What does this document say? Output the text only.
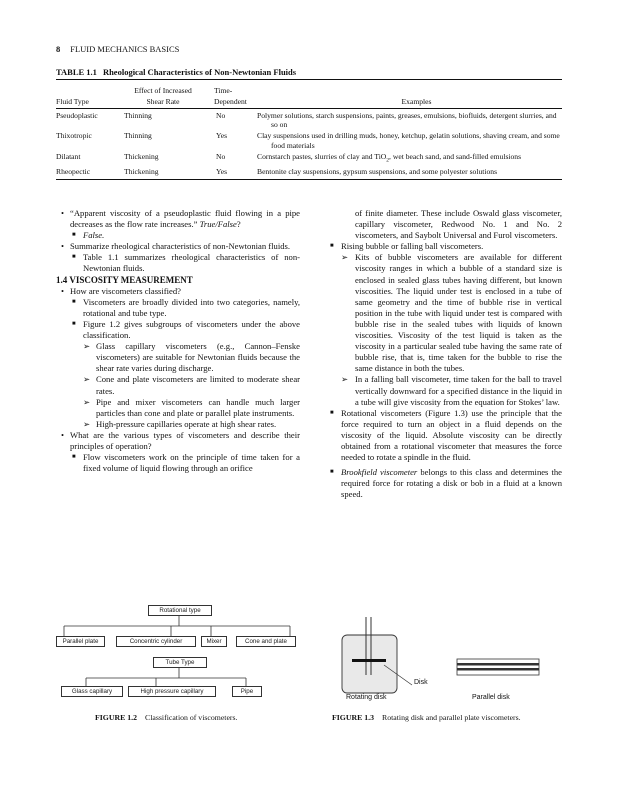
8 FLUID MECHANICS BASICS
TABLE 1.1 Rheological Characteristics of Non-Newtonian Fluids
	Effect of Increased	Time-	
Fluid Type	Shear Rate	Dependent	Examples
Pseudoplastic	Thinning	No	Polymer solutions, starch suspensions, paints, greases, emulsions, biofluids, detergent slurries, and so on
Thixotropic	Thinning	Yes	Clay suspensions used in drilling muds, honey, ketchup, gelatin solutions, shaving cream, and some food materials
Dilatant	Thickening	No	Cornstarch pastes, slurries of clay and TiO$_2$, wet beach sand, and sand-filled emulsions
Rheopectic	Thickening	Yes	Bentonite clay suspensions, gypsum suspensions, and some polyester solutions

• “Apparent viscosity of a pseudoplastic fluid flowing in a pipe decreases as the flow rate increases.” True/False?

■ False.

• Summarize rheological characteristics of non-Newtonian fluids.

■ Table 1.1 summarizes rheological characteristics of non-Newtonian fluids.

1.4 VISCOSITY MEASUREMENT

• How are viscometers classified?

■ Viscometers are broadly divided into two categories, namely, rotational and tube type.

■ Figure 1.2 gives subgroups of viscometers under the above classification.

➢ Glass capillary viscometers (e.g., Cannon–Fenske viscometers) are suitable for Newtonian fluids because the shear rate varies during discharge.

➢ Cone and plate viscometers are limited to moderate shear rates.

➢ Pipe and mixer viscometers can handle much larger particles than cone and plate or parallel plate instruments.

➢ High-pressure capillaries operate at high shear rates.

• What are the various types of viscometers and describe their principles of operation?

■ Flow viscometers work on the principle of time taken for a fixed volume of liquid flowing through an orifice

of finite diameter. These include Oswald glass viscometer, capillary viscometer, Redwood No. 1 and No. 2 viscometers, and Saybolt Universal and Furol viscometers.

■ Rising bubble or falling ball viscometers.

➢ Kits of bubble viscometers are available for different viscosity ranges in which a bubble of a standard size is enclosed in sealed glass tubes having different, but known viscosities. The liquid under test is enclosed in a tube of same geometry and the time of bubble rise in vertical position in the tube with liquid under test is compared with bubble rise in the sealed tubes with liquids of known viscosities. Viscosity of the test liquid is taken as the viscosity in a particular sealed tube having the same rate of bubble rise, that is, time taken for the bubble to rise the same distance in both the tubes.

➢ In a falling ball viscometer, time taken for the ball to travel vertically downward for a specified distance in the liquid in a tube will give viscosity from the equation for Stokes’ law.

■ Rotational viscometers (Figure 1.3) use the principle that the force required to turn an object in a fluid depends on the viscosity of the liquid. Absolute viscosity can be directly obtained from a rotational viscometer that measures the force needed to rotate a spindle in the fluid.

■ Brookfield viscometer belongs to this class and determines the required force for rotating a disk or bob in a fluid at a known speed.

Rotational type
Parallel plate	Concentric cylinder	Mixer	Cone and plate
Tube Type
Glass capillary	High pressure capillary	Pipe
FIGURE 1.2 Classification of viscometers.
Disk
Rotating disk	Parallel disk
FIGURE 1.3 Rotating disk and parallel plate viscometers.
